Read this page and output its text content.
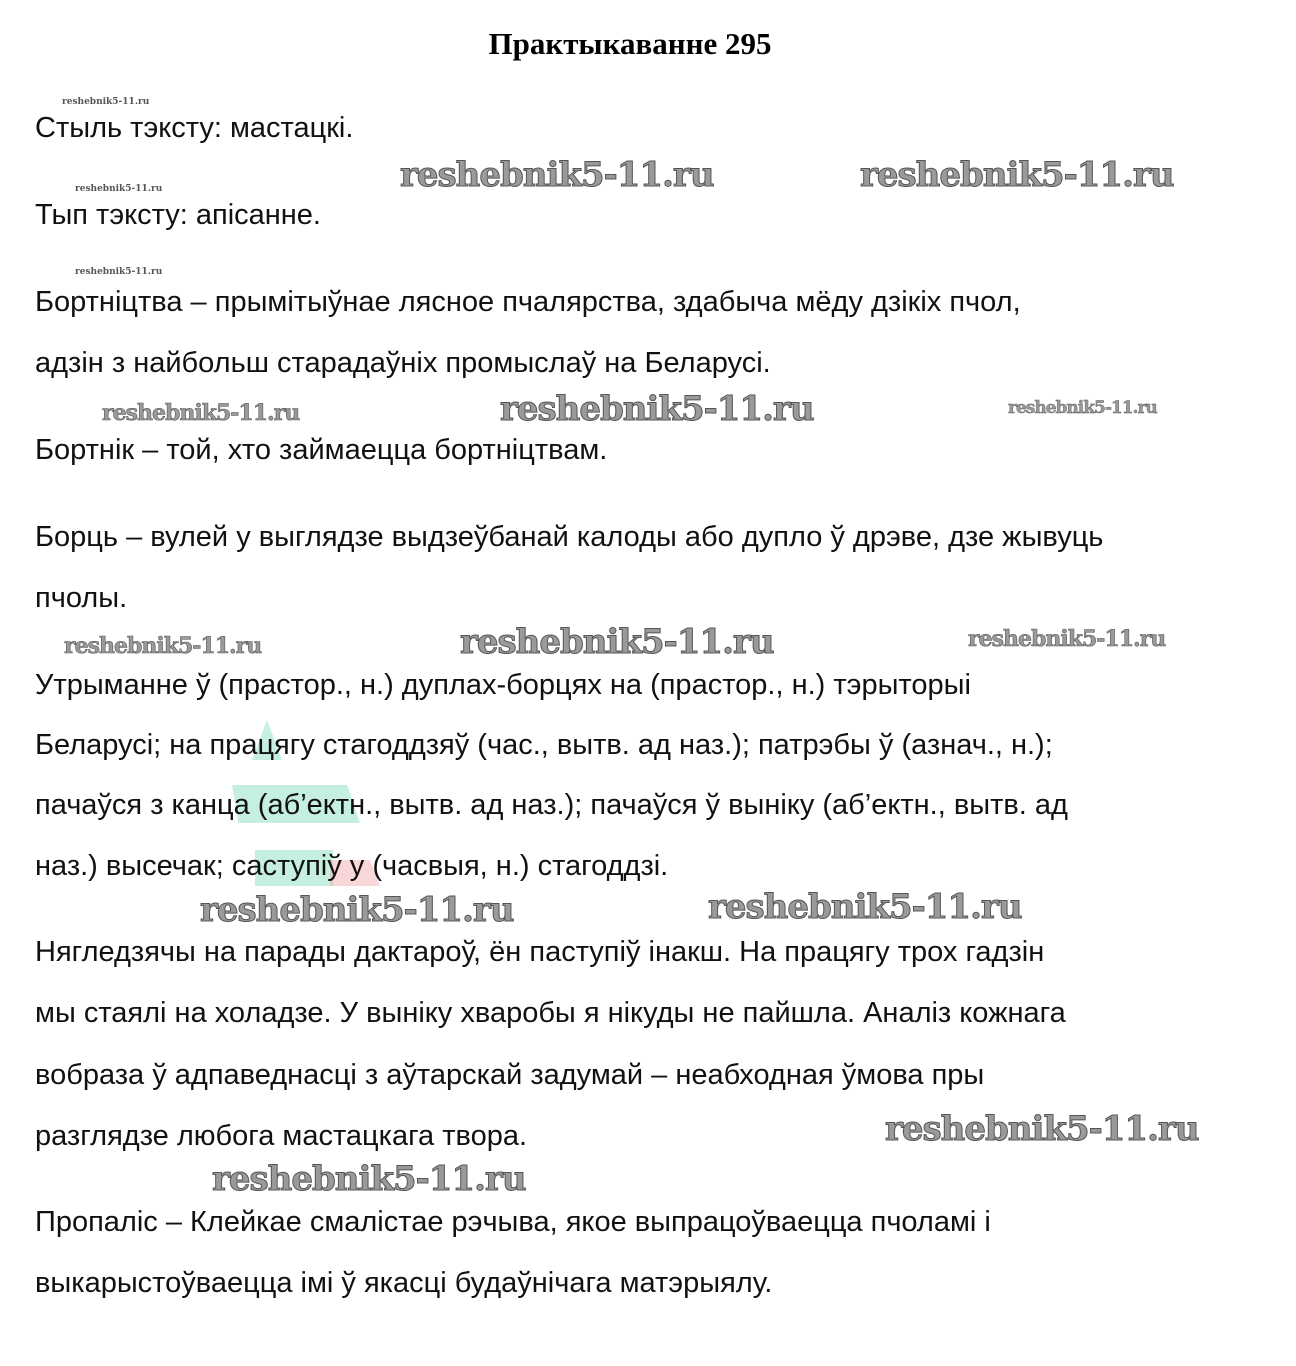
Практыкаванне 295
Стыль тэксту: мастацкі.
Тып тэксту: апісанне.
Бортніцтва – прымітыўнае лясное пчалярства, здабыча мёду дзікіх пчол,
адзін з найбольш старадаўніх промыслаў на Беларусі.
Бортнік – той, хто займаецца бортніцтвам.
Борць – вулей у выглядзе выдзеўбанай калоды або дупло ў дрэве, дзе жывуць
пчолы.
Утрыманне ў (прастор., н.) дуплах-борцях на (прастор., н.) тэрыторыі
Беларусі; на працягу стагоддзяў (час., вытв. ад наз.); патрэбы ў (азнач., н.);
пачаўся з канца (аб’ектн., вытв. ад наз.); пачаўся ў выніку (аб’ектн., вытв. ад
наз.) высечак; саступіў у (часвыя, н.) стагоддзі.
Нягледзячы на парады дактароў, ён паступіў інакш. На працягу трох гадзін
мы стаялі на холадзе. У выніку хваробы я нікуды не пайшла. Аналіз кожнага
вобраза ў адпаведнасці з аўтарскай задумай – неабходная ўмова пры
разглядзе любога мастацкага твора.
Пропаліс – Клейкае смалістае рэчыва, якое выпрацоўваецца пчоламі і
выкарыстоўваецца імі ў якасці будаўнічага матэрыялу.
reshebnik5-11.ru
reshebnik5-11.ru
reshebnik5-11.ru
reshebnik5-11.ru	reshebnik5-11.ru
reshebnik5-11.ru	reshebnik5-11.ru	reshebnik5-11.ru
reshebnik5-11.ru	reshebnik5-11.ru	reshebnik5-11.ru
reshebnik5-11.ru
reshebnik5-11.ru
reshebnik5-11.ru
reshebnik5-11.ru
